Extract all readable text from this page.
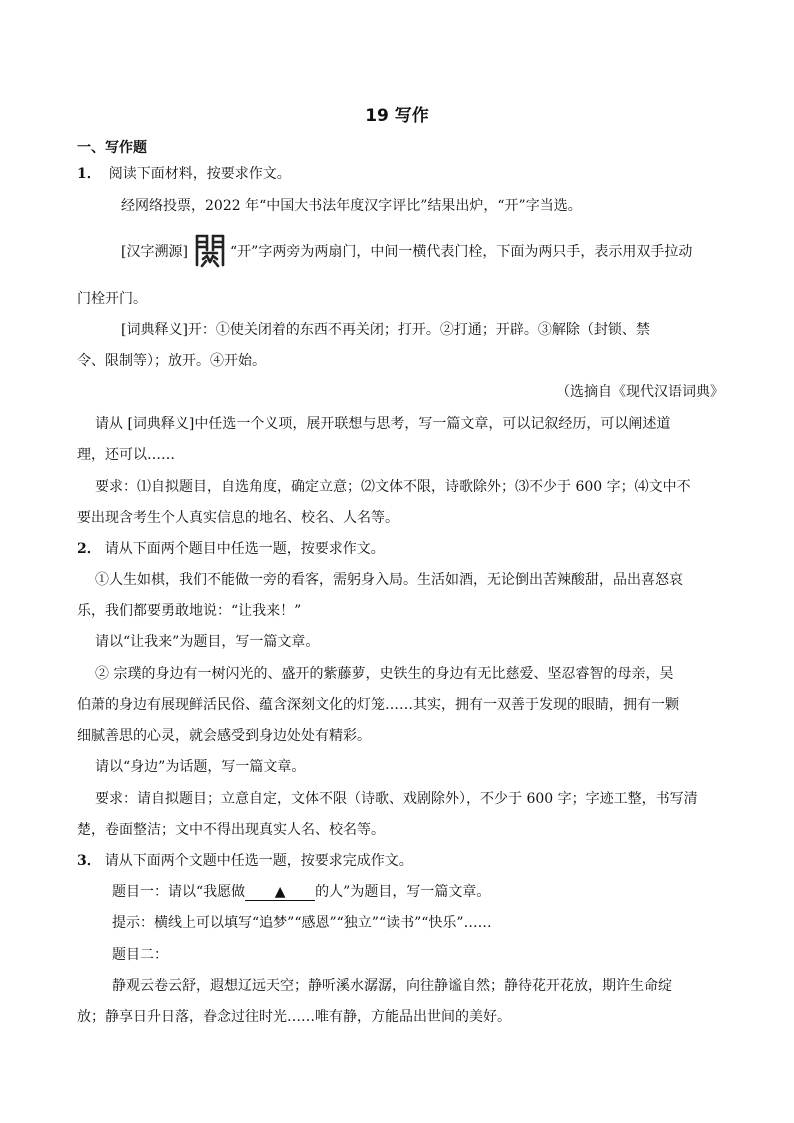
19 写作
一、写作题
1． 阅读下面材料，按要求作文。
经网络投票，2022 年“中国大书法年度汉字评比”结果出炉，“开”字当选。
[汉字溯源]	“开”字两旁为两扇门，中间一横代表门栓，下面为两只手，表示用双手拉动
门栓开门。
[词典释义]开：①使关闭着的东西不再关闭；打开。②打通；开辟。③解除（封锁、禁
令、限制等）；放开。④开始。
（选摘自《现代汉语词典》
请从 [词典释义]中任选一个义项，展开联想与思考，写一篇文章，可以记叙经历，可以阐述道
理，还可以……
要求：⑴自拟题目，自选角度，确定立意；⑵文体不限，诗歌除外；⑶不少于 600 字；⑷文中不
要出现含考生个人真实信息的地名、校名、人名等。
2． 请从下面两个题目中任选一题，按要求作文。
①人生如棋，我们不能做一旁的看客，需躬身入局。生活如酒，无论倒出苦辣酸甜，品出喜怒哀
乐，我们都要勇敢地说：“让我来！”
请以“让我来”为题目，写一篇文章。
② 宗璞的身边有一树闪光的、盛开的紫藤萝，史铁生的身边有无比慈爱、坚忍睿智的母亲，吴
伯萧的身边有展现鲜活民俗、蕴含深刻文化的灯笼……其实，拥有一双善于发现的眼睛，拥有一颗
细腻善思的心灵，就会感受到身边处处有精彩。
请以“身边”为话题，写一篇文章。
要求：请自拟题目；立意自定，文体不限（诗歌、戏剧除外），不少于 600 字；字迹工整，书写清
楚，卷面整洁；文中不得出现真实人名、校名等。
3． 请从下面两个文题中任选一题，按要求完成作文。
题目一：请以“我愿做 ▲ 的人”为题目，写一篇文章。
提示：横线上可以填写“追梦”“感恩”“独立”“读书”“快乐”……
题目二：
静观云卷云舒，遐想辽远天空；静听溪水潺潺，向往静谧自然；静待花开花放，期许生命绽
放；静享日升日落，眷念过往时光……唯有静，方能品出世间的美好。
